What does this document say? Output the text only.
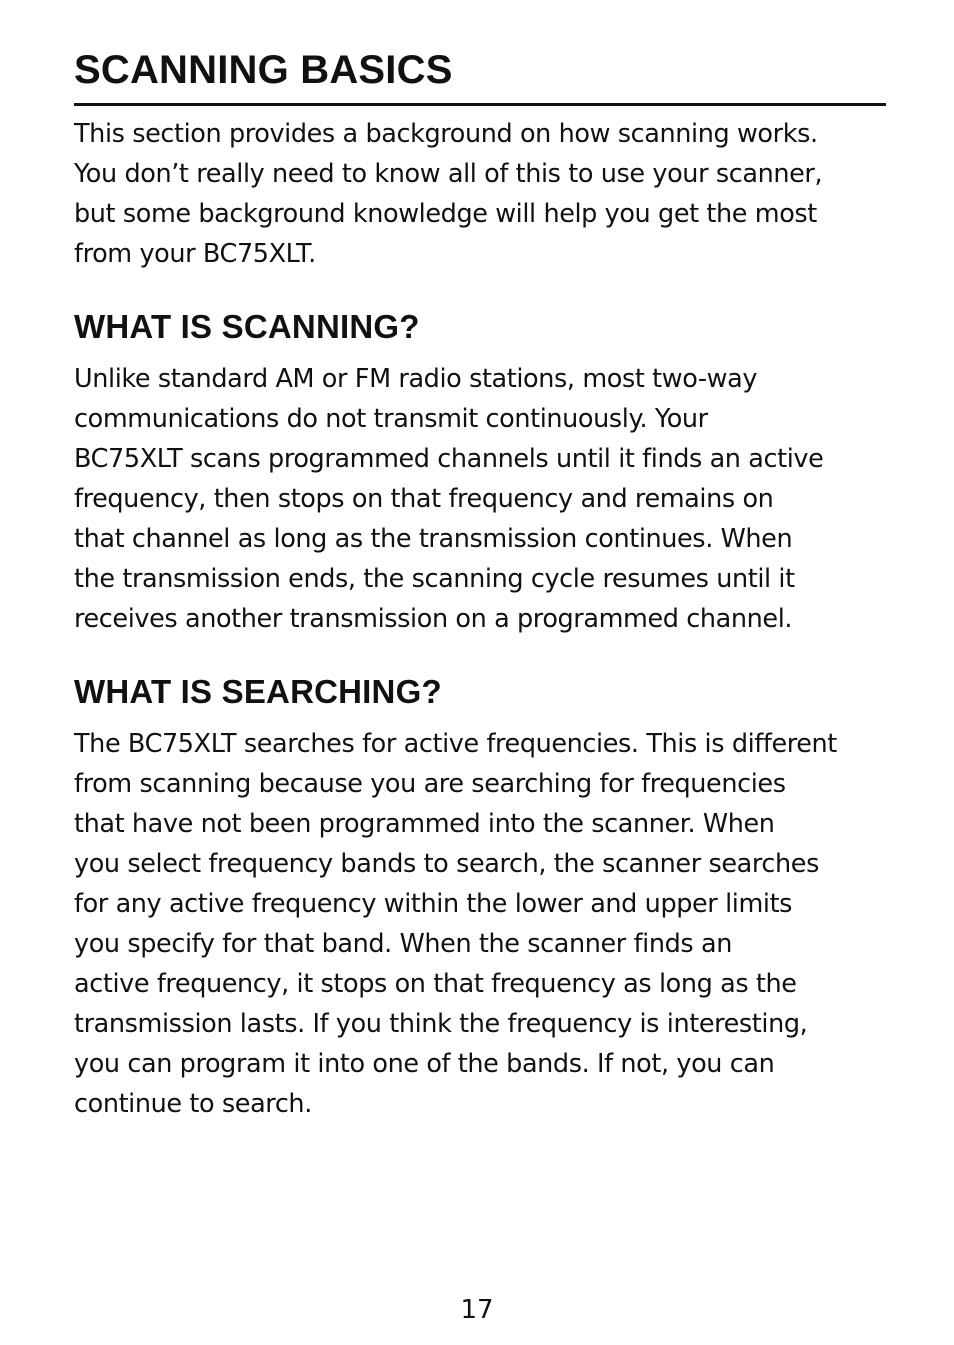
SCANNING BASICS

This section provides a background on how scanning works.
You don’t really need to know all of this to use your scanner,
but some background knowledge will help you get the most
from your BC75XLT.

WHAT IS SCANNING?

Unlike standard AM or FM radio stations, most two-way
communications do not transmit continuously. Your
BC75XLT scans programmed channels until it finds an active
frequency, then stops on that frequency and remains on
that channel as long as the transmission continues. When
the transmission ends, the scanning cycle resumes until it
receives another transmission on a programmed channel.

WHAT IS SEARCHING?

The BC75XLT searches for active frequencies. This is different
from scanning because you are searching for frequencies
that have not been programmed into the scanner. When
you select frequency bands to search, the scanner searches
for any active frequency within the lower and upper limits
you specify for that band. When the scanner finds an
active frequency, it stops on that frequency as long as the
transmission lasts. If you think the frequency is interesting,
you can program it into one of the bands. If not, you can
continue to search.

17
